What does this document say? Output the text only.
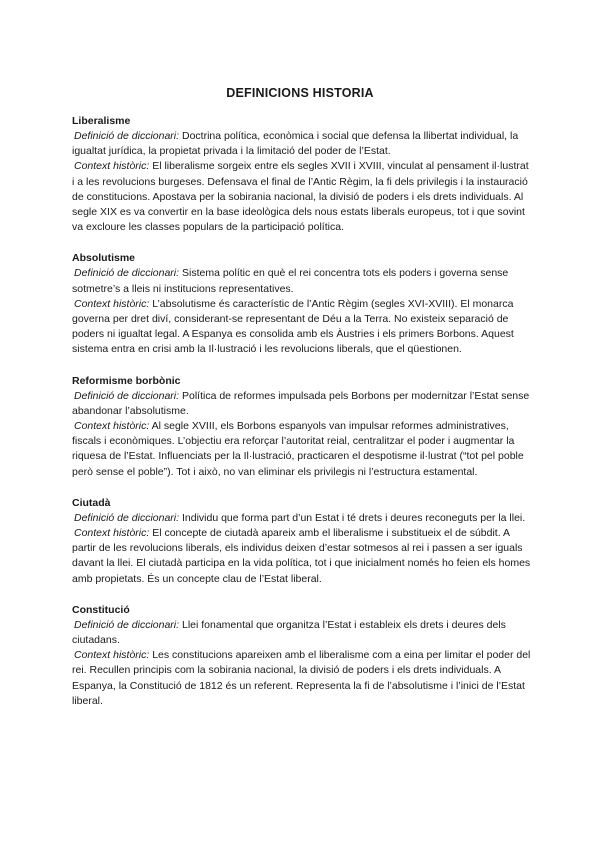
DEFINICIONS HISTORIA

Liberalisme

Definició de diccionari: Doctrina política, econòmica i social que defensa la llibertat individual, la igualtat jurídica, la propietat privada i la limitació del poder de l’Estat.

Context històric: El liberalisme sorgeix entre els segles XVII i XVIII, vinculat al pensament il·lustrat i a les revolucions burgeses. Defensava el final de l’Antic Règim, la fi dels privilegis i la instauració de constitucions. Apostava per la sobirania nacional, la divisió de poders i els drets individuals. Al segle XIX es va convertir en la base ideològica dels nous estats liberals europeus, tot i que sovint va excloure les classes populars de la participació política.

Absolutisme

Definició de diccionari: Sistema polític en què el rei concentra tots els poders i governa sense sotmetre’s a lleis ni institucions representatives.

Context històric: L’absolutisme és característic de l’Antic Règim (segles XVI-XVIII). El monarca governa per dret diví, considerant-se representant de Déu a la Terra. No existeix separació de poders ni igualtat legal. A Espanya es consolida amb els Àustries i els primers Borbons. Aquest sistema entra en crisi amb la Il·lustració i les revolucions liberals, que el qüestionen.

Reformisme borbònic

Definició de diccionari: Política de reformes impulsada pels Borbons per modernitzar l’Estat sense abandonar l’absolutisme.

Context històric: Al segle XVIII, els Borbons espanyols van impulsar reformes administratives, fiscals i econòmiques. L’objectiu era reforçar l’autoritat reial, centralitzar el poder i augmentar la riquesa de l’Estat. Influenciats per la Il·lustració, practicaren el despotisme il·lustrat (“tot pel poble però sense el poble”). Tot i això, no van eliminar els privilegis ni l’estructura estamental.

Ciutadà

Definició de diccionari: Individu que forma part d’un Estat i té drets i deures reconeguts per la llei.

Context històric: El concepte de ciutadà apareix amb el liberalisme i substitueix el de súbdit. A partir de les revolucions liberals, els individus deixen d’estar sotmesos al rei i passen a ser iguals davant la llei. El ciutadà participa en la vida política, tot i que inicialment només ho feien els homes amb propietats. És un concepte clau de l’Estat liberal.

Constitució

Definició de diccionari: Llei fonamental que organitza l’Estat i estableix els drets i deures dels ciutadans.

Context històric: Les constitucions apareixen amb el liberalisme com a eina per limitar el poder del rei. Recullen principis com la sobirania nacional, la divisió de poders i els drets individuals. A Espanya, la Constitució de 1812 és un referent. Representa la fi de l’absolutisme i l’inici de l’Estat liberal.
